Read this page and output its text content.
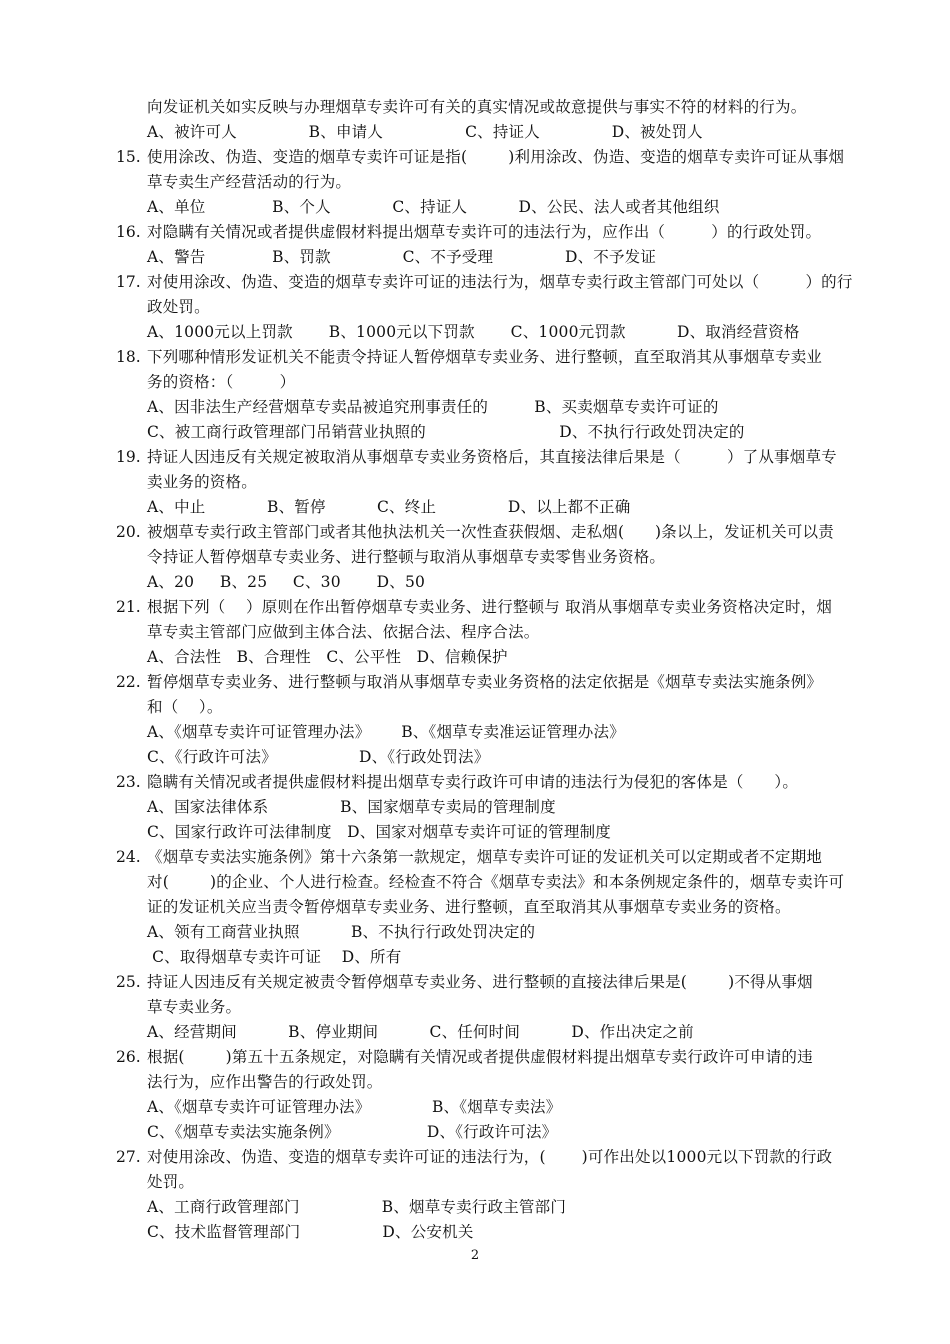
向发证机关如实反映与办理烟草专卖许可有关的真实情况或故意提供与事实不符的材料的行为。
A、被许可人              B、申请人                C、持证人              D、被处罚人
15. 使用涂改、伪造、变造的烟草专卖许可证是指(        )利用涂改、伪造、变造的烟草专卖许可证从事烟
草专卖生产经营活动的行为。
A、单位             B、个人            C、持证人          D、公民、法人或者其他组织
16. 对隐瞒有关情况或者提供虚假材料提出烟草专卖许可的违法行为，应作出（         ）的行政处罚。
A、警告             B、罚款              C、不予受理              D、不予发证
17. 对使用涂改、伪造、变造的烟草专卖许可证的违法行为，烟草专卖行政主管部门可处以（         ）的行
政处罚。
A、1000元以上罚款       B、1000元以下罚款       C、1000元罚款          D、取消经营资格
18. 下列哪种情形发证机关不能责令持证人暂停烟草专卖业务、进行整顿，直至取消其从事烟草专卖业
务的资格：（         ）
A、因非法生产经营烟草专卖品被追究刑事责任的         B、买卖烟草专卖许可证的
C、被工商行政管理部门吊销营业执照的                          D、不执行行政处罚决定的
19. 持证人因违反有关规定被取消从事烟草专卖业务资格后，其直接法律后果是（         ）了从事烟草专
卖业务的资格。
A、中止            B、暂停          C、终止              D、以上都不正确
20. 被烟草专卖行政主管部门或者其他执法机关一次性查获假烟、走私烟(      )条以上，发证机关可以责
令持证人暂停烟草专卖业务、进行整顿与取消从事烟草专卖零售业务资格。
A、20     B、25     C、30       D、50
21. 根据下列（    ）原则在作出暂停烟草专卖业务、进行整顿与 取消从事烟草专卖业务资格决定时，烟
草专卖主管部门应做到主体合法、依据合法、程序合法。
A、合法性   B、合理性   C、公平性   D、信赖保护
22. 暂停烟草专卖业务、进行整顿与取消从事烟草专卖业务资格的法定依据是《烟草专卖法实施条例》
和（    ）。
A、《烟草专卖许可证管理办法》      B、《烟草专卖准运证管理办法》
C、《行政许可法》                D、《行政处罚法》
23. 隐瞒有关情况或者提供虚假材料提出烟草专卖行政许可申请的违法行为侵犯的客体是（      ）。
A、国家法律体系              B、国家烟草专卖局的管理制度
C、国家行政许可法律制度   D、国家对烟草专卖许可证的管理制度
24. 《烟草专卖法实施条例》第十六条第一款规定，烟草专卖许可证的发证机关可以定期或者不定期地
对(        )的企业、个人进行检查。经检查不符合《烟草专卖法》和本条例规定条件的，烟草专卖许可
证的发证机关应当责令暂停烟草专卖业务、进行整顿，直至取消其从事烟草专卖业务的资格。
A、领有工商营业执照          B、不执行行政处罚决定的
C、取得烟草专卖许可证    D、所有
25. 持证人因违反有关规定被责令暂停烟草专卖业务、进行整顿的直接法律后果是(        )不得从事烟
草专卖业务。
A、经营期间          B、停业期间          C、任何时间          D、作出决定之前
26. 根据(        )第五十五条规定，对隐瞒有关情况或者提供虚假材料提出烟草专卖行政许可申请的违
法行为，应作出警告的行政处罚。
A、《烟草专卖许可证管理办法》            B、《烟草专卖法》
C、《烟草专卖法实施条例》                 D、《行政许可法》
27. 对使用涂改、伪造、变造的烟草专卖许可证的违法行为，(       )可作出处以1000元以下罚款的行政
处罚。
A、工商行政管理部门                B、烟草专卖行政主管部门
C、技术监督管理部门                D、公安机关
2
